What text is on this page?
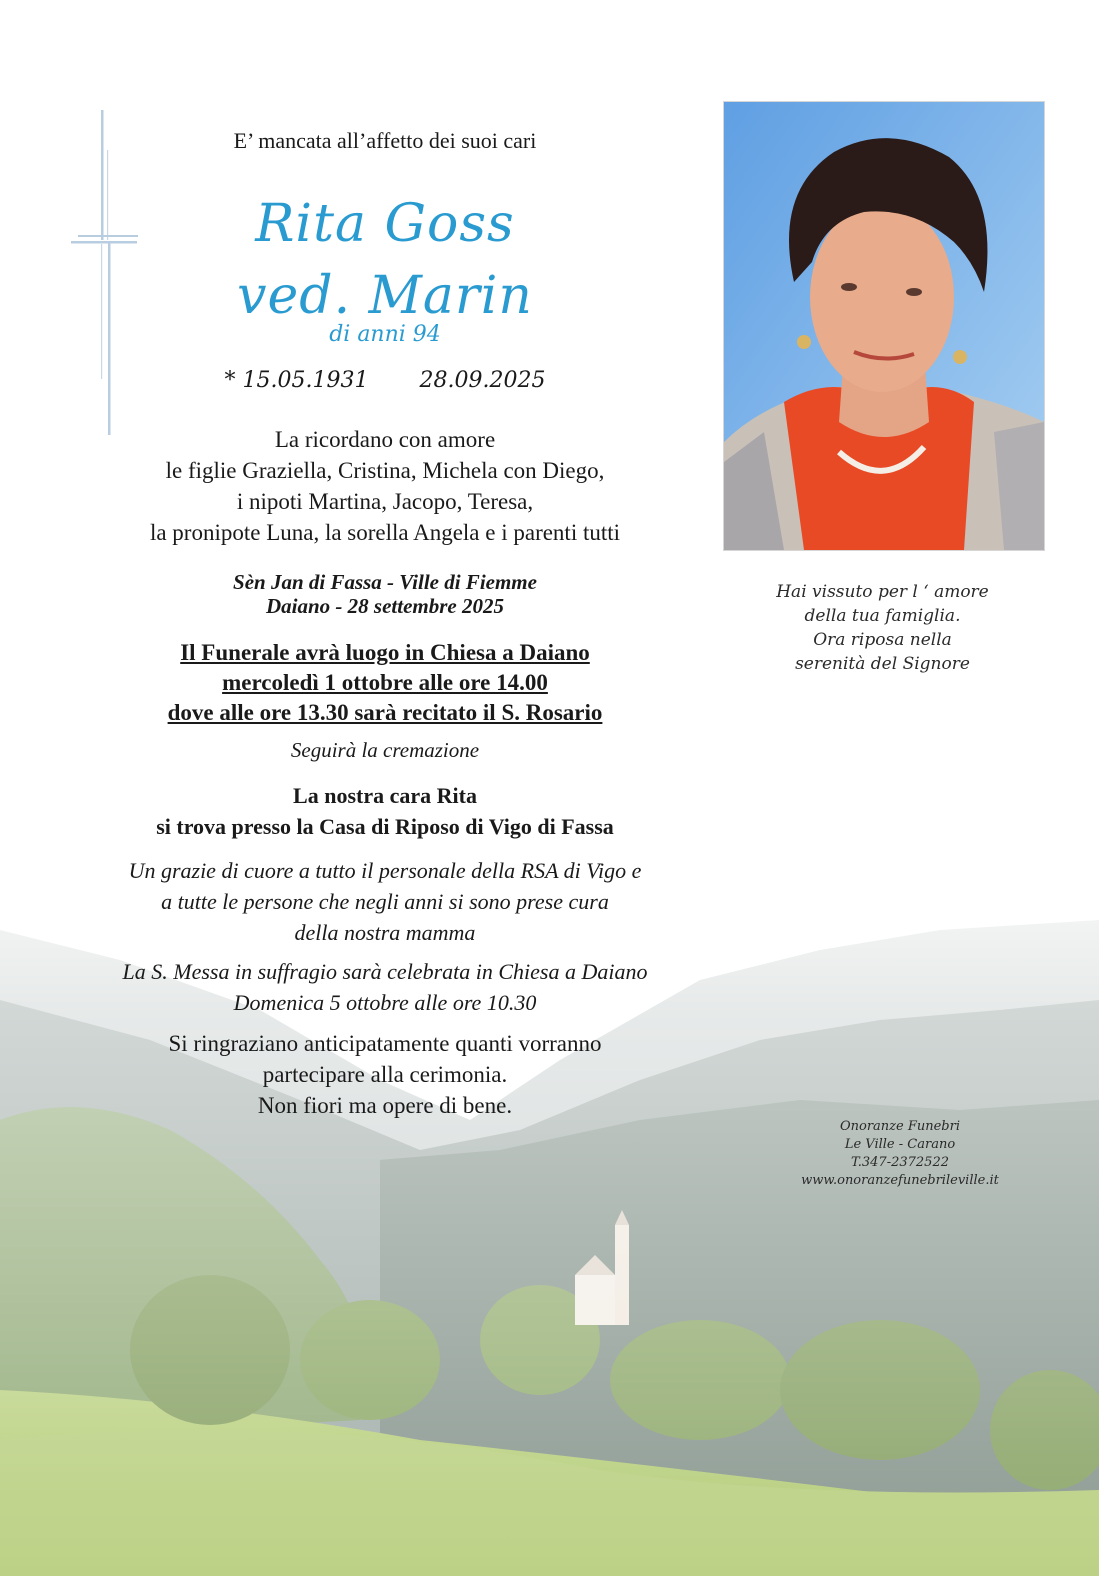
E’ mancata all’affetto dei suoi cari
Rita Goss
ved. Marin
di anni 94
* 15.05.1931 28.09.2025
La ricordano con amore
le figlie Graziella, Cristina, Michela con Diego,
i nipoti Martina, Jacopo, Teresa,
la pronipote Luna, la sorella Angela e i parenti tutti
Sèn Jan di Fassa - Ville di Fiemme
Daiano - 28 settembre 2025
Il Funerale avrà luogo in Chiesa a Daiano
mercoledì 1 ottobre alle ore 14.00
dove alle ore 13.30 sarà recitato il S. Rosario
Seguirà la cremazione
La nostra cara Rita
si trova presso la Casa di Riposo di Vigo di Fassa
Un grazie di cuore a tutto il personale della RSA di Vigo e
a tutte le persone che negli anni si sono prese cura
della nostra mamma
La S. Messa in suffragio sarà celebrata in Chiesa a Daiano
Domenica 5 ottobre alle ore 10.30
Si ringraziano anticipatamente quanti vorranno
partecipare alla cerimonia.
Non fiori ma opere di bene.
Hai vissuto per l ‘ amore
della tua famiglia.
Ora riposa nella
serenità del Signore
Onoranze Funebri
Le Ville - Carano
T.347-2372522
www.onoranzefunebrileville.it
